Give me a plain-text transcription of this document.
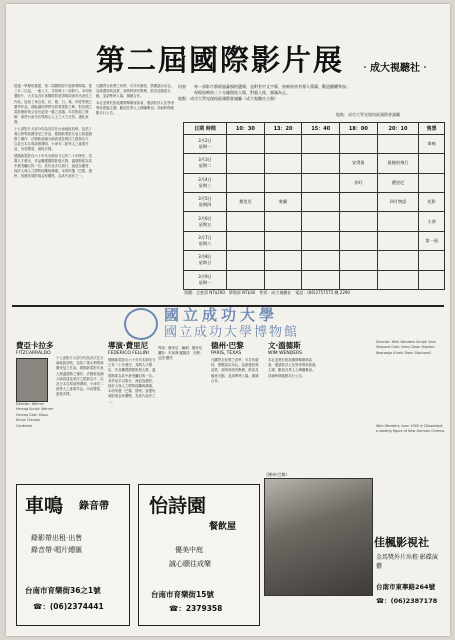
第二屆國際影片展 ‧成大視聽社‧

經過一學期的籌畫，第二屆國際影片展即將開幕，從三月二日起，一連八天，共放映十二部影片。本屆所選影片，大多為近年來國際影展得獎或深具代表性之作品，包括了來自美、法、德、日、義、印度等國之優秀作品，期能讓同學們在欣賞電影之餘，對各國之電影藝術與文化有更深一層之認識。本次影展之舉辦，承蒙台南市各界熱心人士之大力支持，謹此致謝。

十七部影片大部分均為首次在台南地區放映，包括了義大利導演費里尼之作品、德國新電影代表人物溫德斯之傑作、法國新浪潮大師高達及楚浮之經典名片，以及日本名導演黑澤明、小津安二郎等人之重要作品，內容豐富，風格多樣。

德國新電影自六十年代末期至今已有二十年歷史，其間人才輩出，作品屢獲國際影展大獎，溫德斯即為其中最受矚目的一位。其作品多以旅行、流浪為題材，探討人與人之間的疏離與溝通。本屆所選「巴黎，德州」曾獲坎城影展金棕櫚獎，為其代表作之一。

凡購買全套票之同學，可享有優待，票價請洽本社。為維護放映品質，放映時請勿吸煙、飲食及隨意走動，並請準時入場，謝謝合作。

本社並將於影展期間舉辦座談會，邀請影評人及學者專家蒞臨主講，歡迎各界人士踴躍參加。詳細時間地點另行公告。

內容　　每一部影片都經過審慎的選擇，並附有中文字幕，放映前皆有專人導讀，歡迎踴躍參加。
　　　　每場放映前三十分鐘開放入場，對號入座，額滿為止。
地點：成功大學光復校區國際會議廳（成大視聽社主辦）
地點：成功大學光復校區國際會議廳
日期 時間	10：30	13：20	15：40	18：00	20：10	售票

3月2日
星期一						車鳴

3月3日
星期二				安得魯	最後的飛行	

3月4日
星期三				你好	費里尼	

3月5日
星期四	費里尼	歌劇			四月物語	花影

3月6日
星期五						小津

3月7日
星期六						第一屆

3月8日
星期日						

3月9日
星期一						

票價：全套票 NT$200　單場票 NT$30　售票：成大視聽社　電話：(06)2757575 轉 2290
國立成功大學
國立成功大學博物館
費亞卡拉多
FITZCARRALDO
Director: Werner Herzog Script: Werner Herzog Cast: Klaus Kinski Claudia Cardinale
十七部影片大部分均為首次在台南地區放映，包括了義大利導演費里尼之作品、德國新電影代表人物溫德斯之傑作、法國新浪潮大師高達及楚浮之經典名片，以及日本名導演黑澤明、小津安二郎等人之重要作品，內容豐富，風格多樣。
導演‧費里尼
FEDERICO FELLINI
德國新電影自六十年代末期至今已有二十年歷史，其間人才輩出，作品屢獲國際影展大獎，溫德斯即為其中最受矚目的一位。其作品多以旅行、流浪為題材，探討人與人之間的疏離與溝通。本屆所選「巴黎，德州」曾獲坎城影展金棕櫚獎，為其代表作之一。
導演：費里尼　編劇：費里尼　攝影：朱塞佩‧羅圖諾　音樂：尼諾‧羅塔
德州‧巴黎
PARIS, TEXAS
凡購買全套票之同學，可享有優待，票價請洽本社。為維護放映品質，放映時請勿吸煙、飲食及隨意走動，並請準時入場，謝謝合作。
文‧溫德斯
WIM WENDERS
本社並將於影展期間舉辦座談會，邀請影評人及學者專家蒞臨主講，歡迎各界人士踴躍參加。詳細時間地點另行公告。
Director: Wim Wenders Script: Sam Shepard Cast: Harry Dean Stanton Nastassja Kinski Dean Stockwell
Wim Wenders, born 1945 in Düsseldorf, a leading figure of New German Cinema.
《德州‧巴黎》
車鳴 錄音帶
錄影帶出租‧出售
錄音帶‧唱片總匯
台南市育樂街36之1號
☎：(06)2374441
怡詩園
餐飲屋
優美中庭
誠心願往成樂
台南市育樂街15號
☎：2379358
佳楓影視社
金馬獎外片出租‧影碟演藝
台南市東寧路264號
☎：(06)2387178
